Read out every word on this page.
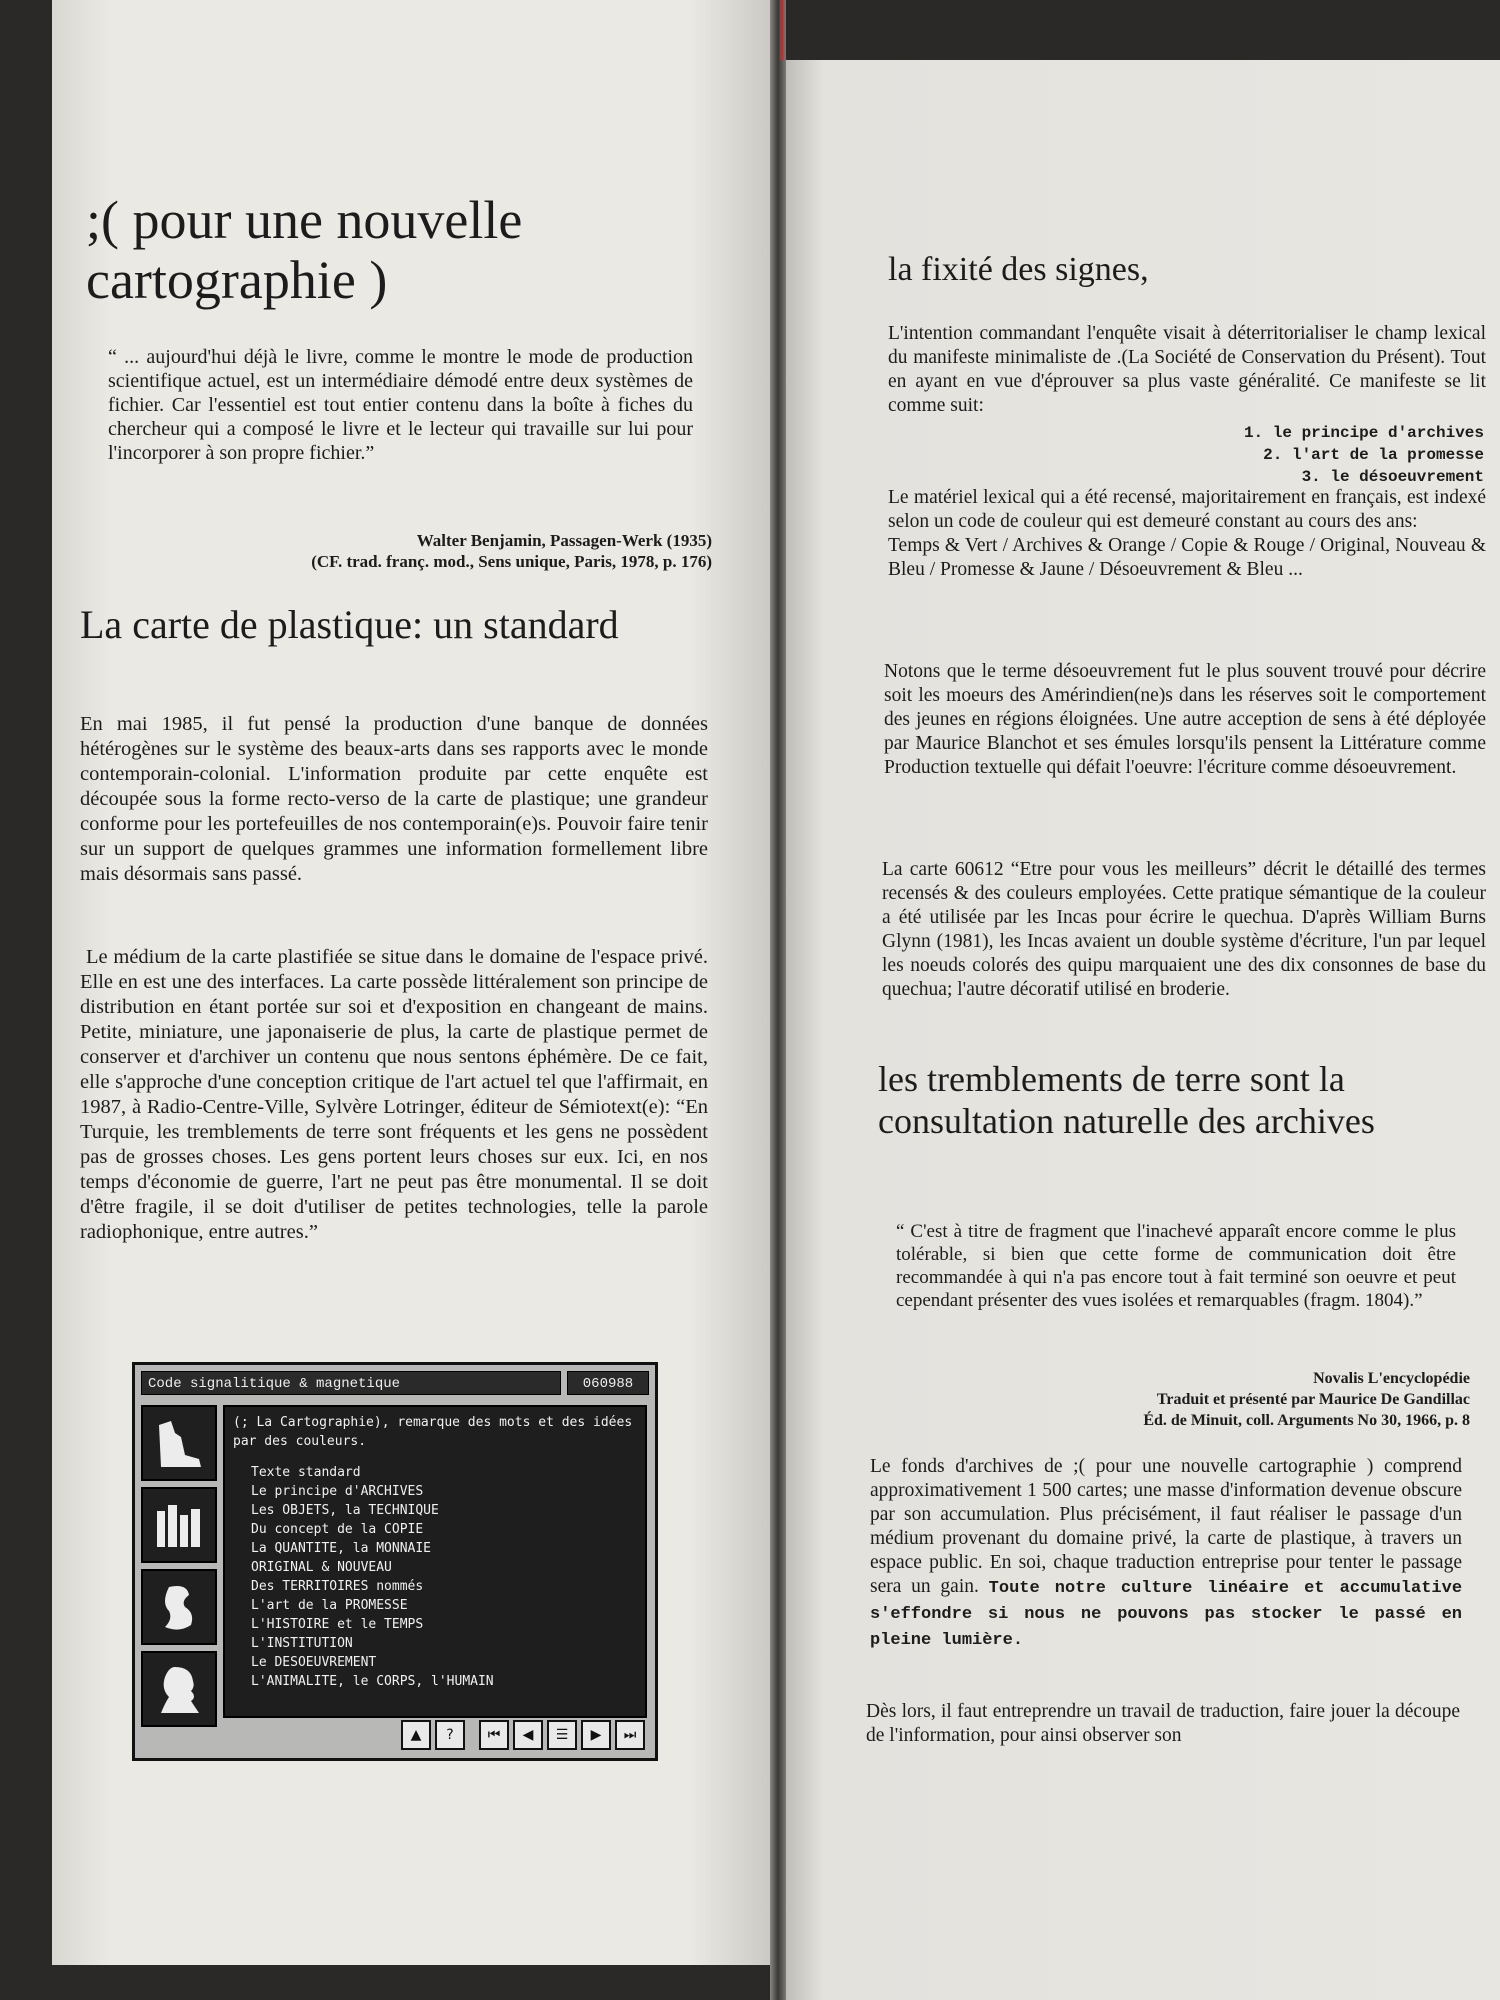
;( pour une nouvelle cartographie )

“ ... aujourd'hui déjà le livre, comme le montre le mode de production scientifique actuel, est un intermédiaire démodé entre deux systèmes de fichier. Car l'essentiel est tout entier contenu dans la boîte à fiches du chercheur qui a composé le livre et le lecteur qui travaille sur lui pour l'incorporer à son propre fichier.”

Walter Benjamin, Passagen-Werk (1935)

(CF. trad. franç. mod., Sens unique, Paris, 1978, p. 176)

La carte de plastique: un standard

En mai 1985, il fut pensé la production d'une banque de données hétérogènes sur le système des beaux-arts dans ses rapports avec le monde contemporain-colonial. L'information produite par cette enquête est découpée sous la forme recto-verso de la carte de plastique; une grandeur conforme pour les portefeuilles de nos contemporain(e)s. Pouvoir faire tenir sur un support de quelques grammes une information formellement libre mais désormais sans passé.

Le médium de la carte plastifiée se situe dans le domaine de l'espace privé. Elle en est une des interfaces. La carte possède littéralement son principe de distribution en étant portée sur soi et d'exposition en changeant de mains. Petite, miniature, une japonaiserie de plus, la carte de plastique permet de conserver et d'archiver un contenu que nous sentons éphémère. De ce fait, elle s'approche d'une conception critique de l'art actuel tel que l'affirmait, en 1987, à Radio-Centre-Ville, Sylvère Lotringer, éditeur de Sémiotext(e): “En Turquie, les tremblements de terre sont fréquents et les gens ne possèdent pas de grosses choses. Les gens portent leurs choses sur eux. Ici, en nos temps d'économie de guerre, l'art ne peut pas être monumental. Il se doit d'être fragile, il se doit d'utiliser de petites technologies, telle la parole radiophonique, entre autres.”

Code signalitique & magnetique	060988
(; La Cartographie), remarque des mots et des idées par des couleurs.
Texte standard
Le principe d'ARCHIVES
Les OBJETS, la TECHNIQUE
Du concept de la COPIE
La QUANTITE, la MONNAIE
ORIGINAL & NOUVEAU
Des TERRITOIRES nommés
L'art de la PROMESSE
L'HISTOIRE et le TEMPS
L'INSTITUTION
Le DESOEUVREMENT
L'ANIMALITE, le CORPS, l'HUMAIN
▲	?	⏮	◀	☰	▶	⏭
la fixité des signes,

L'intention commandant l'enquête visait à déterritorialiser le champ lexical du manifeste minimaliste de .(La Société de Conservation du Présent). Tout en ayant en vue d'éprouver sa plus vaste généralité. Ce manifeste se lit comme suit:

1. le principe d'archives
2. l'art de la promesse
3. le désoeuvrement

Le matériel lexical qui a été recensé, majoritairement en français, est indexé selon un code de couleur qui est demeuré constant au cours des ans:

Temps & Vert / Archives & Orange / Copie & Rouge / Original, Nouveau & Bleu / Promesse & Jaune / Désoeuvrement & Bleu ...

Notons que le terme désoeuvrement fut le plus souvent trouvé pour décrire soit les moeurs des Amérindien(ne)s dans les réserves soit le comportement des jeunes en régions éloignées. Une autre acception de sens à été déployée par Maurice Blanchot et ses émules lorsqu'ils pensent la Littérature comme Production textuelle qui défait l'oeuvre: l'écriture comme désoeuvrement.

La carte 60612 “Etre pour vous les meilleurs” décrit le détaillé des termes recensés & des couleurs employées. Cette pratique sémantique de la couleur a été utilisée par les Incas pour écrire le quechua. D'après William Burns Glynn (1981), les Incas avaient un double système d'écriture, l'un par lequel les noeuds colorés des quipu marquaient une des dix consonnes de base du quechua; l'autre décoratif utilisé en broderie.

les tremblements de terre sont la consultation naturelle des archives

“ C'est à titre de fragment que l'inachevé apparaît encore comme le plus tolérable, si bien que cette forme de communication doit être recommandée à qui n'a pas encore tout à fait terminé son oeuvre et peut cependant présenter des vues isolées et remarquables (fragm. 1804).”

Novalis L'encyclopédie

Traduit et présenté par Maurice De Gandillac

Éd. de Minuit, coll. Arguments No 30, 1966, p. 8

Le fonds d'archives de ;( pour une nouvelle cartographie ) comprend approximativement 1 500 cartes; une masse d'information devenue obscure par son accumulation. Plus précisément, il faut réaliser le passage d'un médium provenant du domaine privé, la carte de plastique, à travers un espace public. En soi, chaque traduction entreprise pour tenter le passage sera un gain. Toute notre culture linéaire et accumulative s'effondre si nous ne pouvons pas stocker le passé en pleine lumière.

Dès lors, il faut entreprendre un travail de traduction, faire jouer la découpe de l'information, pour ainsi observer son
